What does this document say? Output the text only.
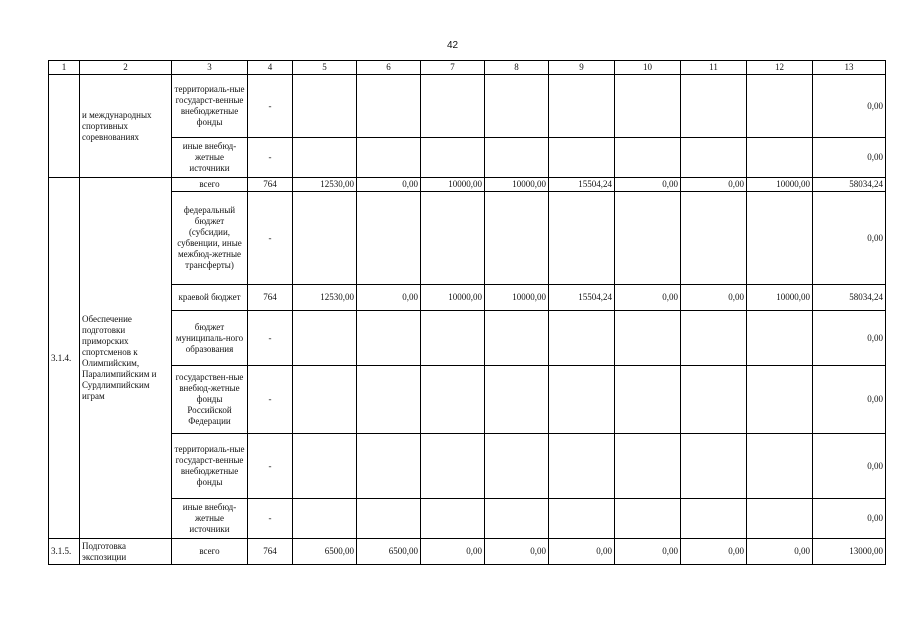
42
1	2	3	4	5	6	7	8	9	10	11	12	13
	и международных спортивных соревнованиях	территориаль-ные государст-венные внебюджетные фонды	-									0,00
		иные внебюд-жетные источники	-									0,00
3.1.4.	Обеспечение подготовки приморских спортсменов к Олимпийским, Паралимпийским и Сурдлимпийским играм	всего	764	12530,00	0,00	10000,00	10000,00	15504,24	0,00	0,00	10000,00	58034,24
		федеральный бюджет (субсидии, субвенции, иные межбюд-жетные трансферты)	-									0,00
		краевой бюджет	764	12530,00	0,00	10000,00	10000,00	15504,24	0,00	0,00	10000,00	58034,24
		бюджет муниципаль-ного образования	-									0,00
		государствен-ные внебюд-жетные фонды Российской Федерации	-									0,00
		территориаль-ные государст-венные внебюджетные фонды	-									0,00
		иные внебюд-жетные источники	-									0,00
3.1.5.	Подготовка экспозиции	всего	764	6500,00	6500,00	0,00	0,00	0,00	0,00	0,00	0,00	13000,00
